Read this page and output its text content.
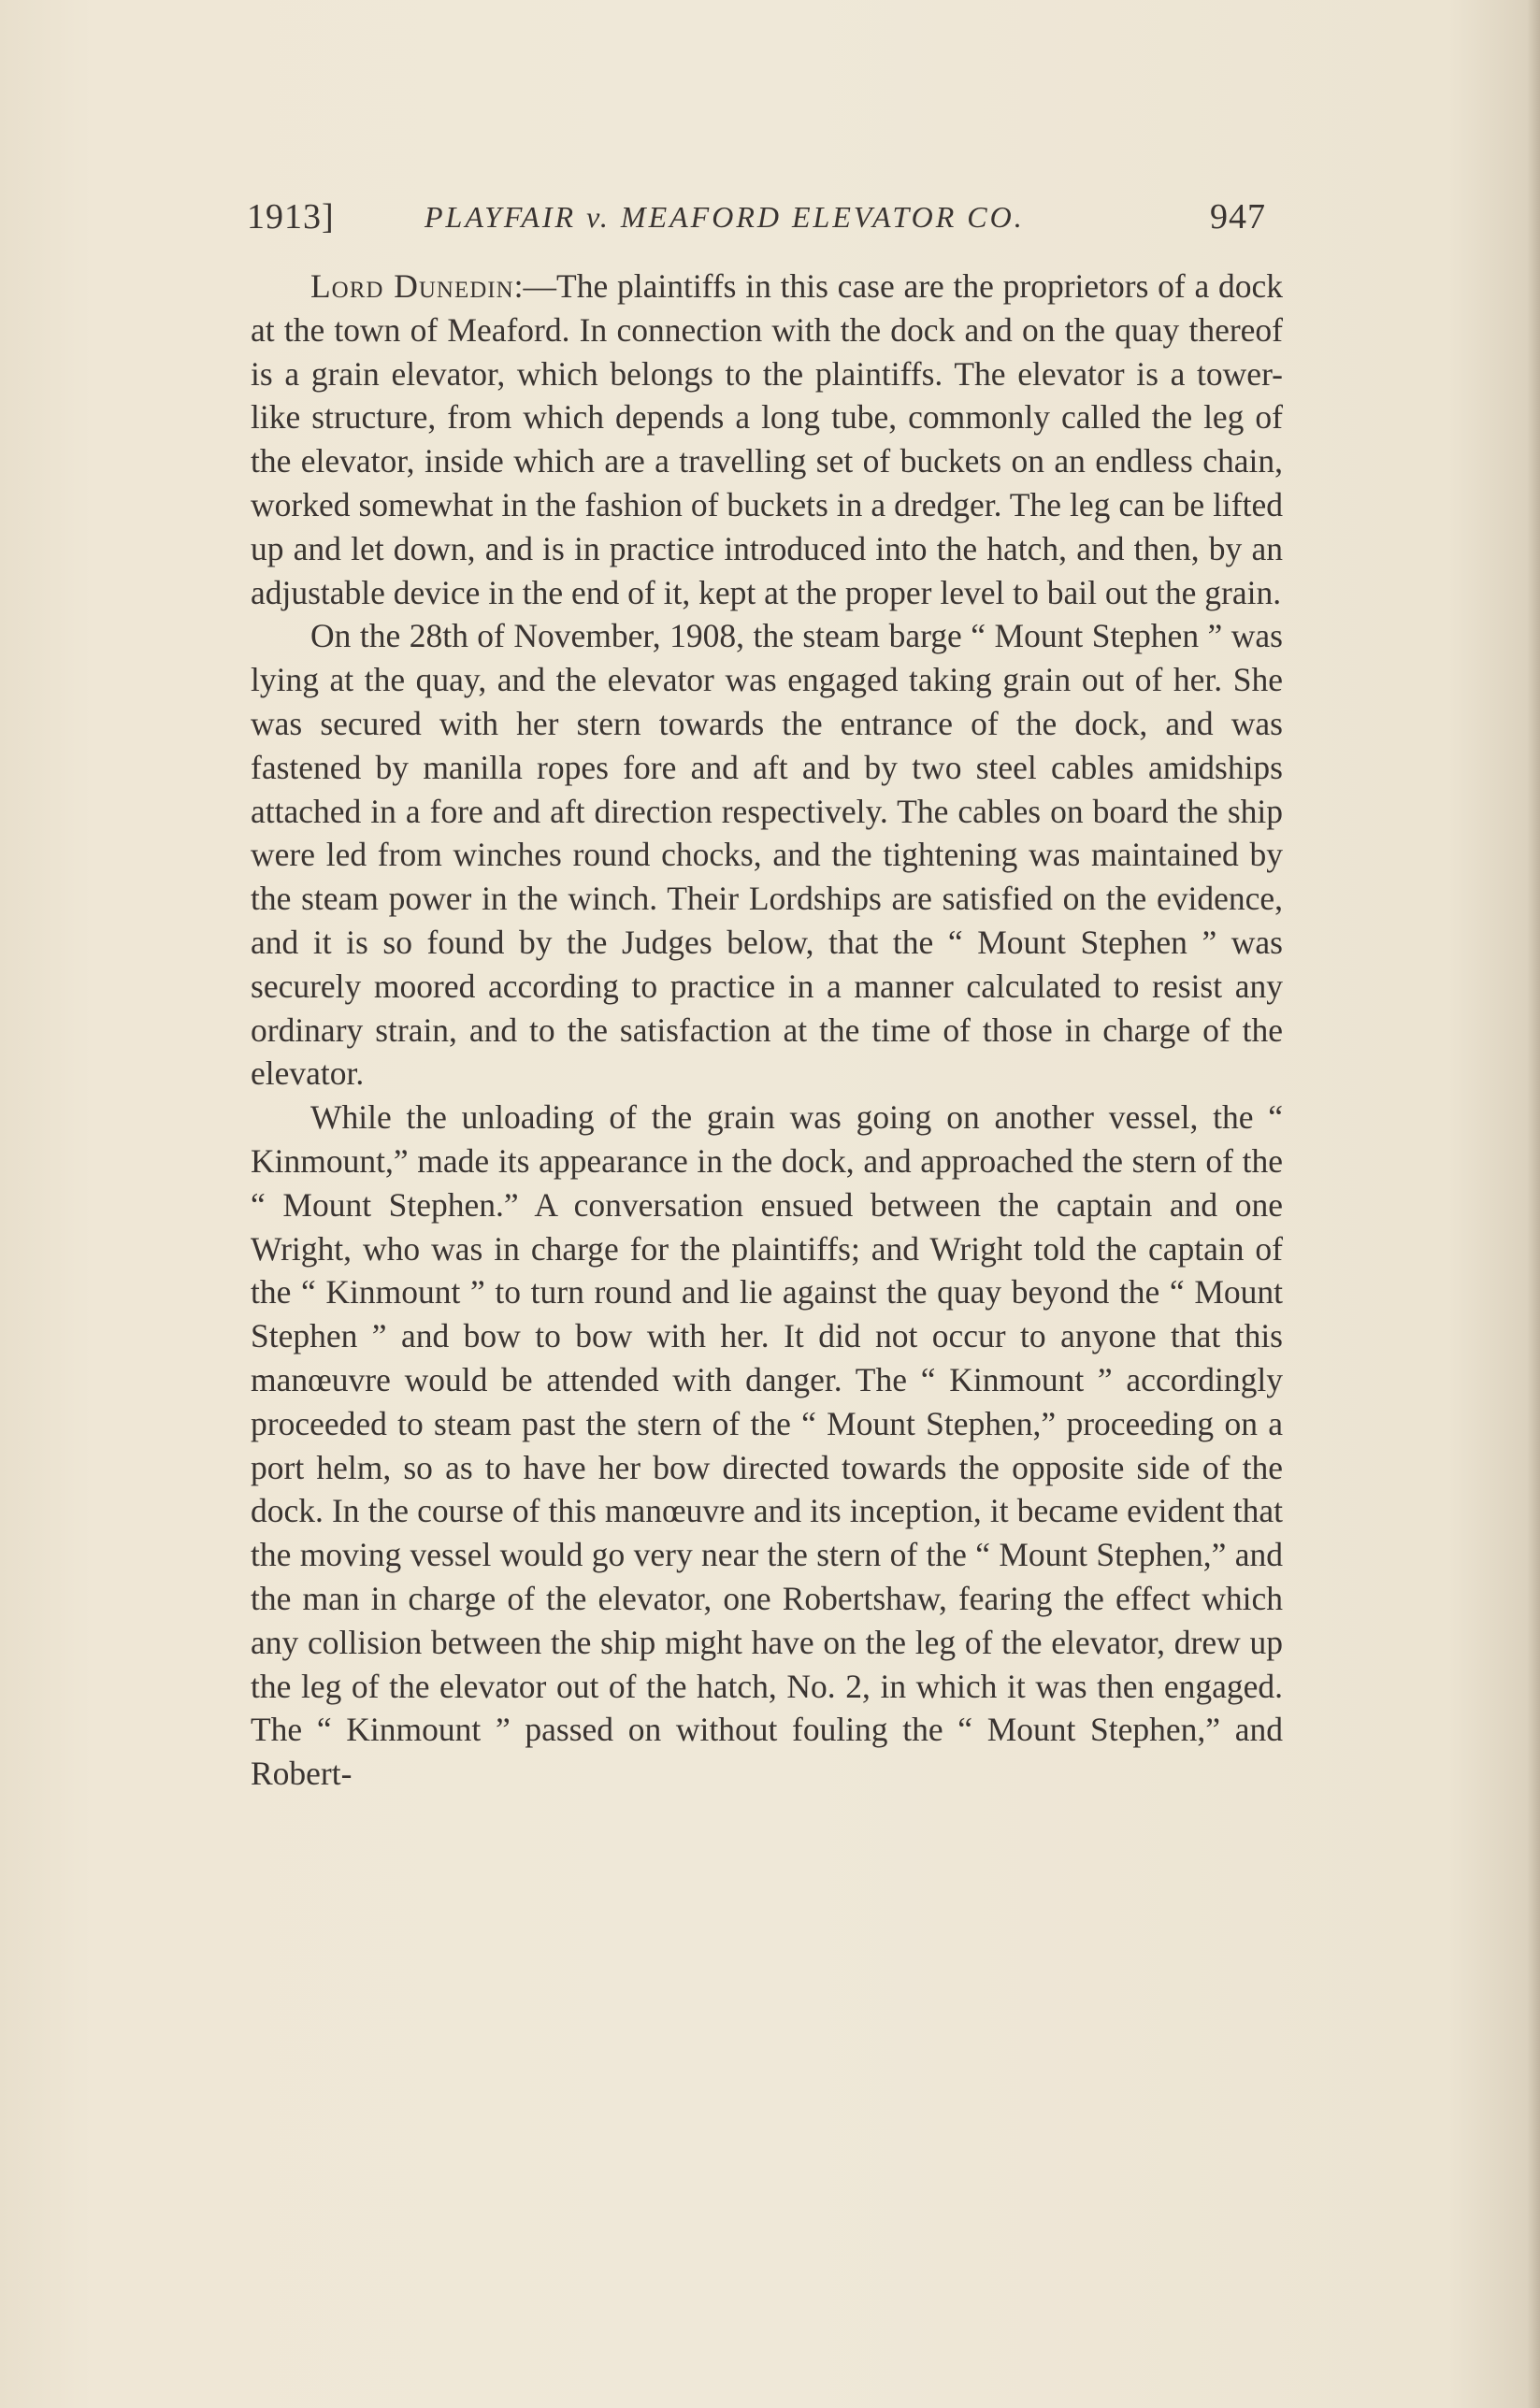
1913]	PLAYFAIR v. MEAFORD ELEVATOR CO.	947

Lord Dunedin:—The plaintiffs in this case are the proprietors of a dock at the town of Meaford. In connection with the dock and on the quay thereof is a grain elevator, which belongs to the plaintiffs. The elevator is a tower-like structure, from which depends a long tube, commonly called the leg of the elevator, inside which are a travelling set of buckets on an endless chain, worked somewhat in the fashion of buckets in a dredger. The leg can be lifted up and let down, and is in practice introduced into the hatch, and then, by an adjustable device in the end of it, kept at the proper level to bail out the grain.

On the 28th of November, 1908, the steam barge “ Mount Stephen ” was lying at the quay, and the elevator was engaged taking grain out of her. She was secured with her stern towards the entrance of the dock, and was fastened by manilla ropes fore and aft and by two steel cables amidships attached in a fore and aft direction respectively. The cables on board the ship were led from winches round chocks, and the tightening was maintained by the steam power in the winch. Their Lordships are satisfied on the evidence, and it is so found by the Judges below, that the “ Mount Stephen ” was securely moored according to practice in a manner calculated to resist any ordinary strain, and to the satisfaction at the time of those in charge of the elevator.

While the unloading of the grain was going on another vessel, the “ Kinmount,” made its appearance in the dock, and approached the stern of the “ Mount Stephen.” A conversation ensued between the captain and one Wright, who was in charge for the plaintiffs; and Wright told the captain of the “ Kinmount ” to turn round and lie against the quay beyond the “ Mount Stephen ” and bow to bow with her. It did not occur to anyone that this manœuvre would be attended with danger. The “ Kinmount ” accordingly proceeded to steam past the stern of the “ Mount Stephen,” proceeding on a port helm, so as to have her bow directed towards the opposite side of the dock. In the course of this manœuvre and its inception, it became evident that the moving vessel would go very near the stern of the “ Mount Stephen,” and the man in charge of the elevator, one Robertshaw, fearing the effect which any collision between the ship might have on the leg of the elevator, drew up the leg of the elevator out of the hatch, No. 2, in which it was then engaged. The “ Kinmount ” passed on without fouling the “ Mount Stephen,” and Robert-
